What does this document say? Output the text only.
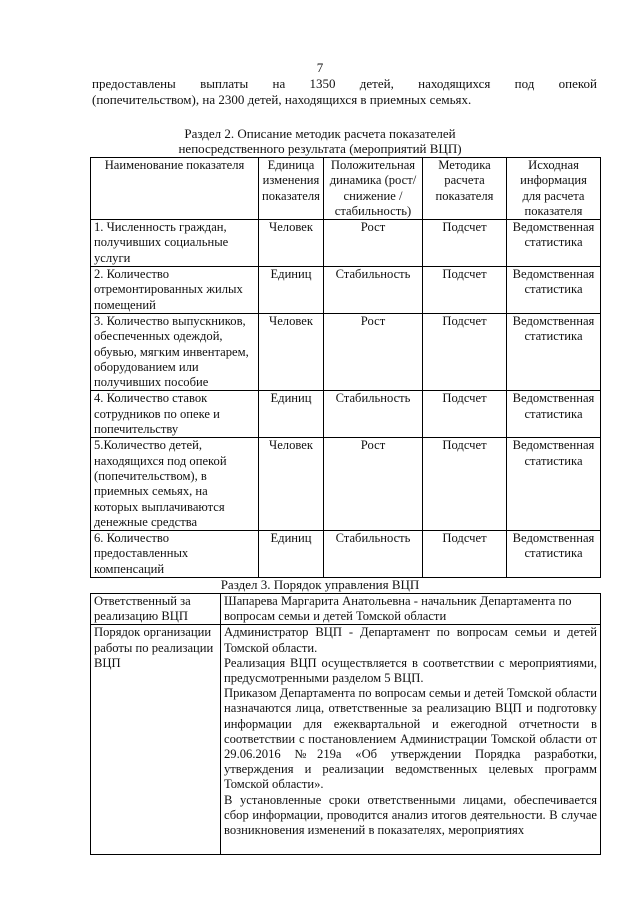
7
предоставлены выплаты на 1350 детей, находящихся под опекой
(попечительством), на 2300 детей, находящихся в приемных семьях.
Раздел 2. Описание методик расчета показателей
непосредственного результата (мероприятий ВЦП)
Наименование показателя	Единица изменения показателя	Положительная динамика (рост/снижение /стабильность)	Методика расчета показателя	Исходная информация для расчета показателя
1. Численность граждан, получивших социальные услуги	Человек	Рост	Подсчет	Ведомственная статистика
2. Количество отремонтированных жилых помещений	Единиц	Стабильность	Подсчет	Ведомственная статистика
3. Количество выпускников, обеспеченных одеждой, обувью, мягким инвентарем, оборудованием или получивших пособие	Человек	Рост	Подсчет	Ведомственная статистика
4. Количество ставок сотрудников по опеке и попечительству	Единиц	Стабильность	Подсчет	Ведомственная статистика
5.Количество детей, находящихся под опекой (попечительством), в приемных семьях, на которых выплачиваются денежные средства	Человек	Рост	Подсчет	Ведомственная статистика
6. Количество предоставленных компенсаций	Единиц	Стабильность	Подсчет	Ведомственная статистика
Раздел 3. Порядок управления ВЦП
Ответственный за реализацию ВЦП	Шапарева Маргарита Анатольевна - начальник Департамента по вопросам семьи и детей Томской области
Порядок организации работы по реализации ВЦП	Администратор ВЦП - Департамент по вопросам семьи и детей Томской области.
Реализация ВЦП осуществляется в соответствии с мероприятиями, предусмотренными разделом 5 ВЦП.
Приказом Департамента по вопросам семьи и детей Томской области назначаются лица, ответственные за реализацию ВЦП и подготовку информации для ежеквартальной и ежегодной отчетности в соответствии с постановлением Администрации Томской области от 29.06.2016 №219а «Об утверждении Порядка разработки, утверждения и реализации ведомственных целевых программ Томской области».
В установленные сроки ответственными лицами, обеспечивается сбор информации, проводится анализ итогов деятельности. В случае возникновения изменений в показателях, мероприятиях
